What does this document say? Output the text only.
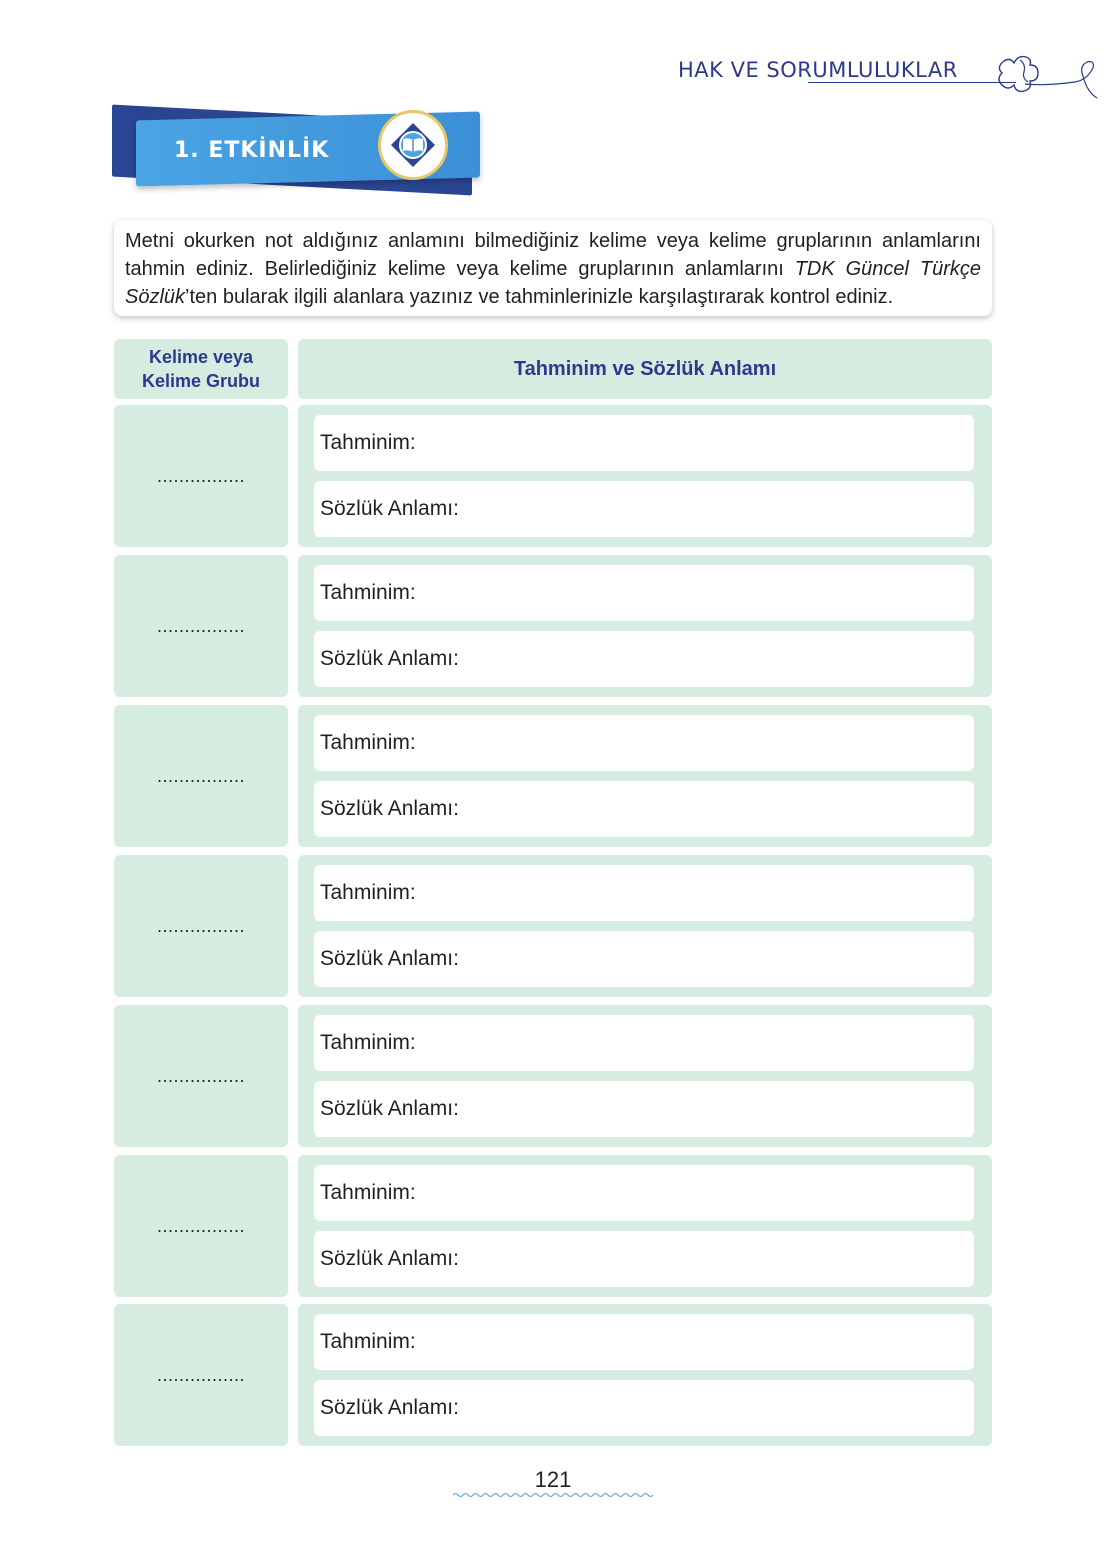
HAK VE SORUMLULUKLAR
1. ETKİNLİK
Metni okurken not aldığınız anlamını bilmediğiniz kelime veya kelime gruplarının anlamlarını tahmin ediniz. Belirlediğiniz kelime veya kelime gruplarının anlamlarını TDK Güncel Türkçe Sözlük’ten bularak ilgili alanlara yazınız ve tahminlerinizle karşılaştırarak kontrol ediniz.
Kelime veya
Kelime Grubu
Tahminim ve Sözlük Anlamı
................
Tahminim:
Sözlük Anlamı:
................
Tahminim:
Sözlük Anlamı:
................
Tahminim:
Sözlük Anlamı:
................
Tahminim:
Sözlük Anlamı:
................
Tahminim:
Sözlük Anlamı:
................
Tahminim:
Sözlük Anlamı:
................
Tahminim:
Sözlük Anlamı:
121
